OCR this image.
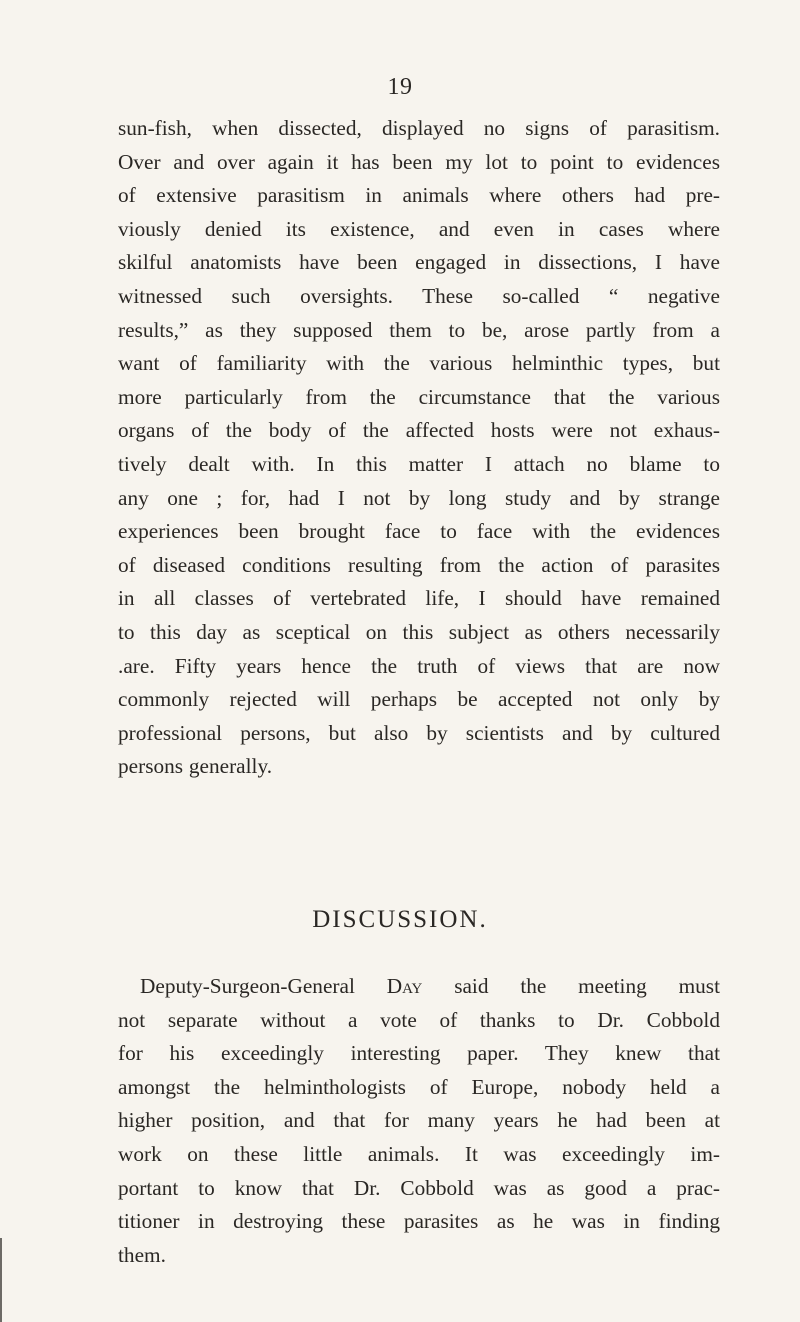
19
sun-fish, when dissected, displayed no signs of parasitism.
Over and over again it has been my lot to point to evidences
of extensive parasitism in animals where others had pre-
viously denied its existence, and even in cases where
skilful anatomists have been engaged in dissections, I have
witnessed such oversights. These so-called “ negative
results,” as they supposed them to be, arose partly from a
want of familiarity with the various helminthic types, but
more particularly from the circumstance that the various
organs of the body of the affected hosts were not exhaus-
tively dealt with. In this matter I attach no blame to
any one ; for, had I not by long study and by strange
experiences been brought face to face with the evidences
of diseased conditions resulting from the action of parasites
in all classes of vertebrated life, I should have remained
to this day as sceptical on this subject as others necessarily
.are. Fifty years hence the truth of views that are now
commonly rejected will perhaps be accepted not only by
professional persons, but also by scientists and by cultured
persons generally.
DISCUSSION.
Deputy-Surgeon-General Day said the meeting must
not separate without a vote of thanks to Dr. Cobbold
for his exceedingly interesting paper. They knew that
amongst the helminthologists of Europe, nobody held a
higher position, and that for many years he had been at
work on these little animals. It was exceedingly im-
portant to know that Dr. Cobbold was as good a prac-
titioner in destroying these parasites as he was in finding
them.
